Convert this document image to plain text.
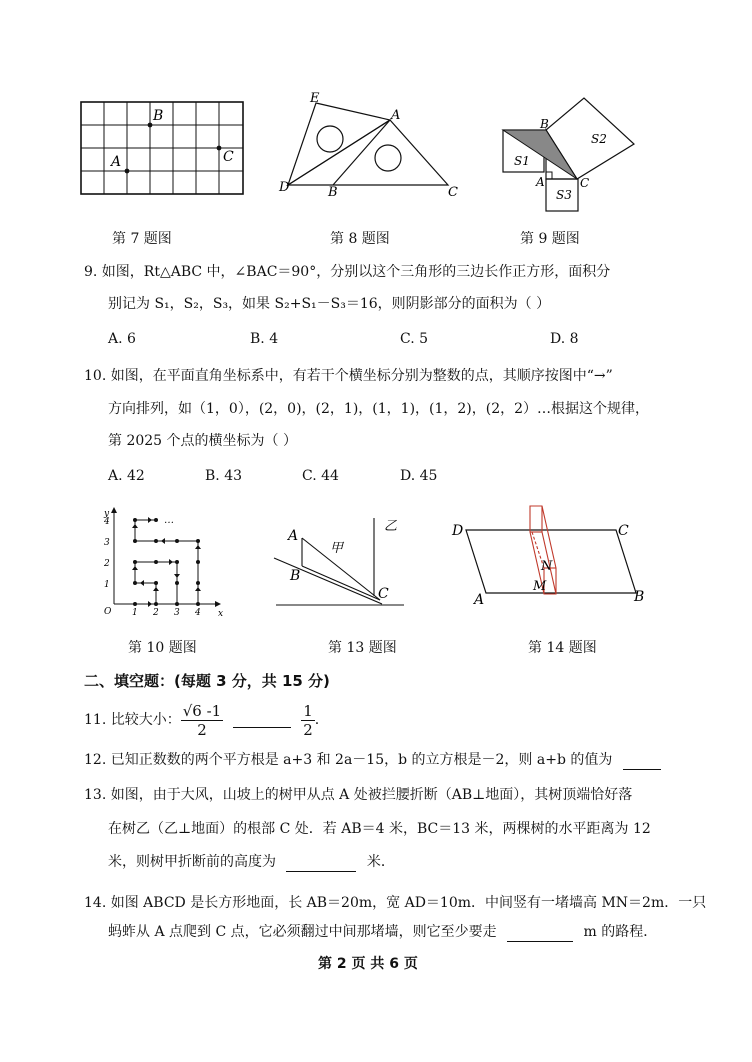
A
B
C
E
A
D	B	C
B
A	C
S1
S2
S3
第 7 题图	第 8 题图	第 9 题图
9. 如图，Rt△ABC 中，∠BAC＝90°，分别以这个三角形的三边长作正方形，面积分
别记为 S₁，S₂，S₃，如果 S₂+S₁－S₃＝16，则阴影部分的面积为（ ）
A. 6	B. 4	C. 5	D. 8
10. 如图，在平面直角坐标系中，有若干个横坐标分别为整数的点，其顺序按图中“→”
方向排列，如（1，0），(2，0)，(2，1)，(1，1)，(1，2)，(2，2）…根据这个规律，
第 2025 个点的横坐标为（ ）
A. 42	B. 43	C. 44	D. 45
y
x
O 1 2 3 4
1
2
3
4	…
A
B
C
甲
乙	D	C
A	B
N
M
第 10 题图	第 13 题图	第 14 题图
二、填空题：(每题 3 分，共 15 分)
11. 比较大小： $\frac{√6 -1}{2}$	$\frac{1}{2}$ .
12. 已知正数数的两个平方根是 a+3 和 2a－15，b 的立方根是－2，则 a+b 的值为
13. 如图，由于大风，山坡上的树甲从点 A 处被拦腰折断（AB⊥地面），其树顶端恰好落
在树乙（乙⊥地面）的根部 C 处．若 AB＝4 米，BC＝13 米，两棵树的水平距离为 12
米，则树甲折断前的高度为	米．
14. 如图 ABCD 是长方形地面，长 AB＝20m，宽 AD＝10m．中间竖有一堵墙高 MN＝2m．一只
蚂蚱从 A 点爬到 C 点，它必须翻过中间那堵墙，则它至少要走	m 的路程．
第 2 页 共 6 页
